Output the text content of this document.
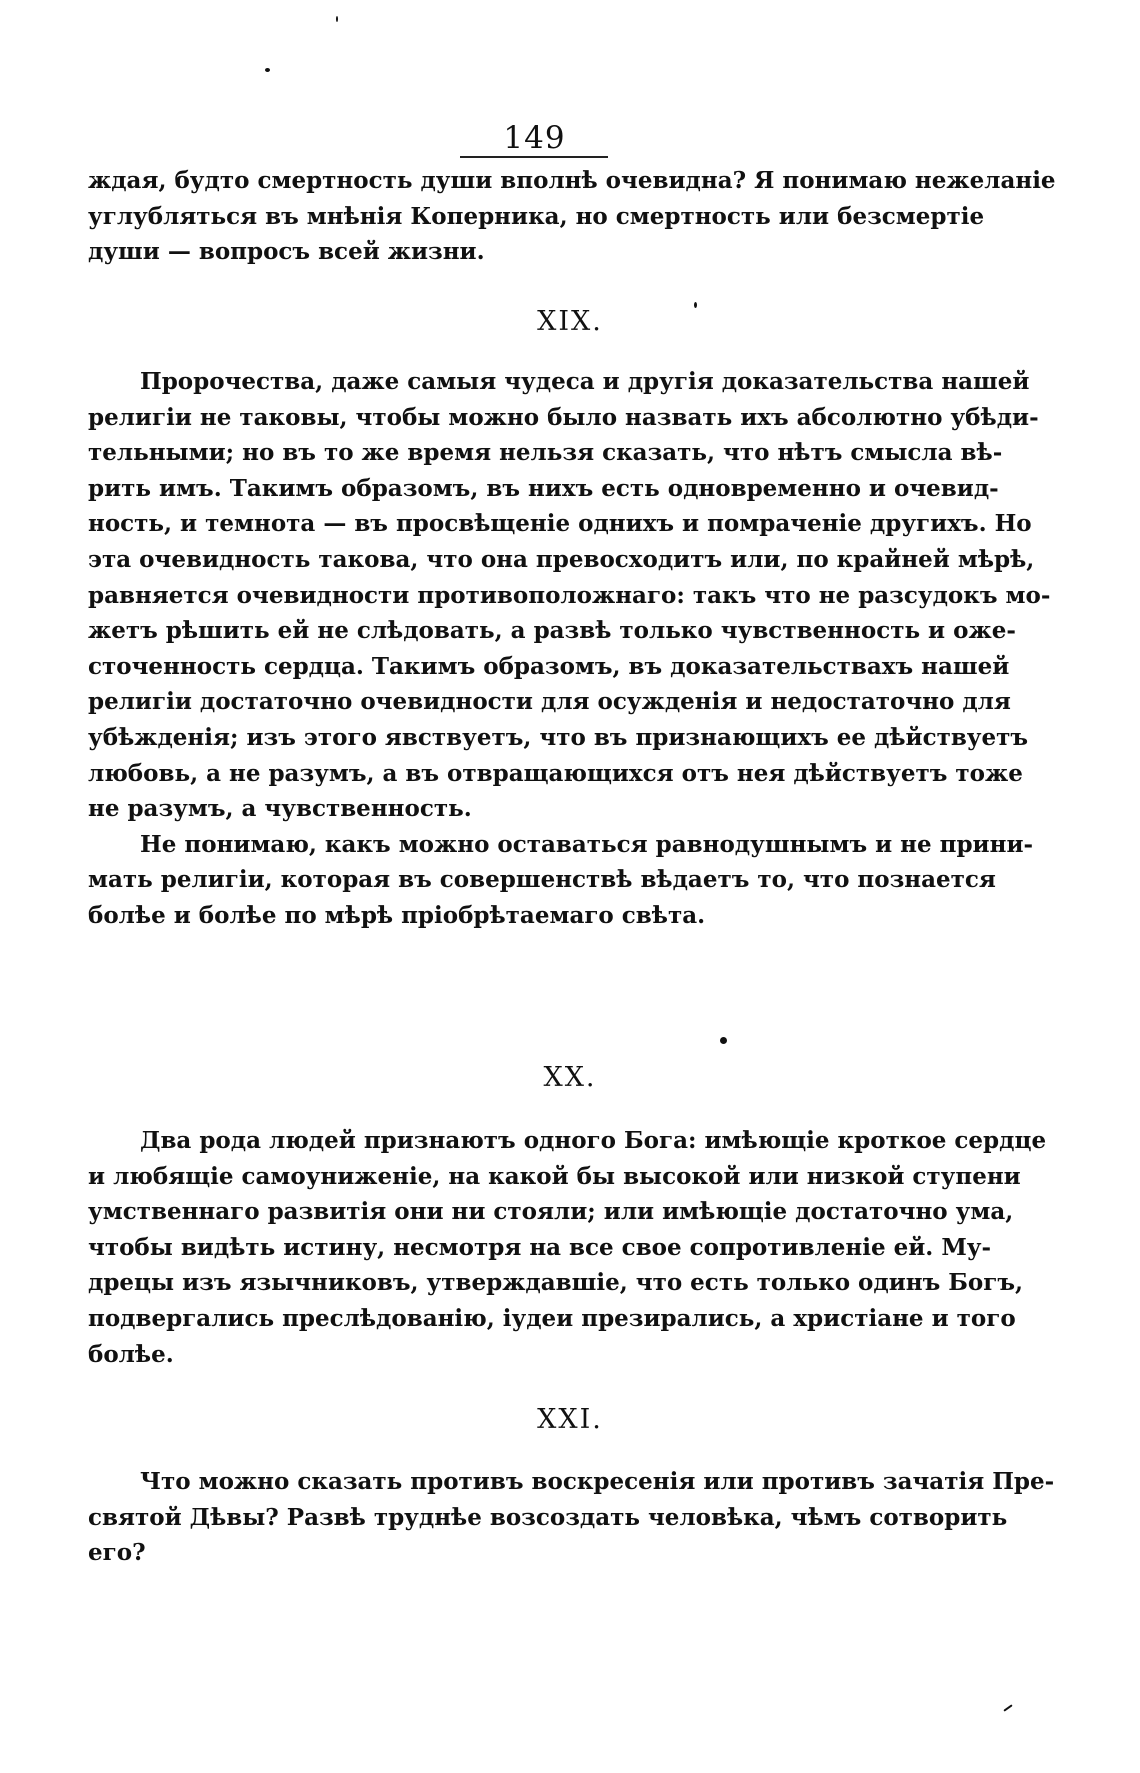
149

ждая, будто смертность души вполнѣ очевидна? Я понимаю нежеланіе
углубляться въ мнѣнія Коперника, но смертность или безсмертіе
души — вопросъ всей жизни.

XIX.

Пророчества, даже самыя чудеса и другія доказательства нашей
религіи не таковы, чтобы можно было назвать ихъ абсолютно убѣди-
тельными; но въ то же время нельзя сказать, что нѣтъ смысла вѣ-
рить имъ. Такимъ образомъ, въ нихъ есть одновременно и очевид-
ность, и темнота — въ просвѣщеніе однихъ и помраченіе другихъ. Но
эта очевидность такова, что она превосходитъ или, по крайней мѣрѣ,
равняется очевидности противоположнаго: такъ что не разсудокъ мо-
жетъ рѣшить ей не слѣдовать, а развѣ только чувственность и ожe-
сточенность сердца. Такимъ образомъ, въ доказательствахъ нашей
религіи достаточно очевидности для осужденія и недостаточно для
убѣжденія; изъ этого явствуетъ, что въ признающихъ ее дѣйствуетъ
любовь, а не разумъ, а въ отвращающихся отъ нея дѣйствуетъ тоже
не разумъ, а чувственность.

Не понимаю, какъ можно оставаться равнодушнымъ и не прини-
мать религіи, которая въ совершенствѣ вѣдаетъ то, что познается
болѣе и болѣе по мѣрѣ пріобрѣтаемаго свѣта.

XX.

Два рода людей признаютъ одного Бога: имѣющіе кроткое сердце
и любящіе самоуниженіе, на какой бы высокой или низкой ступени
умственнаго развитія они ни стояли; или имѣющіе достаточно ума,
чтобы видѣть истину, несмотря на все свое сопротивленіе ей. Му-
дрецы изъ язычниковъ, утверждавшіе, что есть только одинъ Богъ,
подвергались преслѣдованію, іудеи презирались, а христіане и того
болѣе.

XXI.

Что можно сказать противъ воскресенія или противъ зачатія Пре-
святой Дѣвы? Развѣ труднѣе возсоздать человѣка, чѣмъ сотворить
его?
